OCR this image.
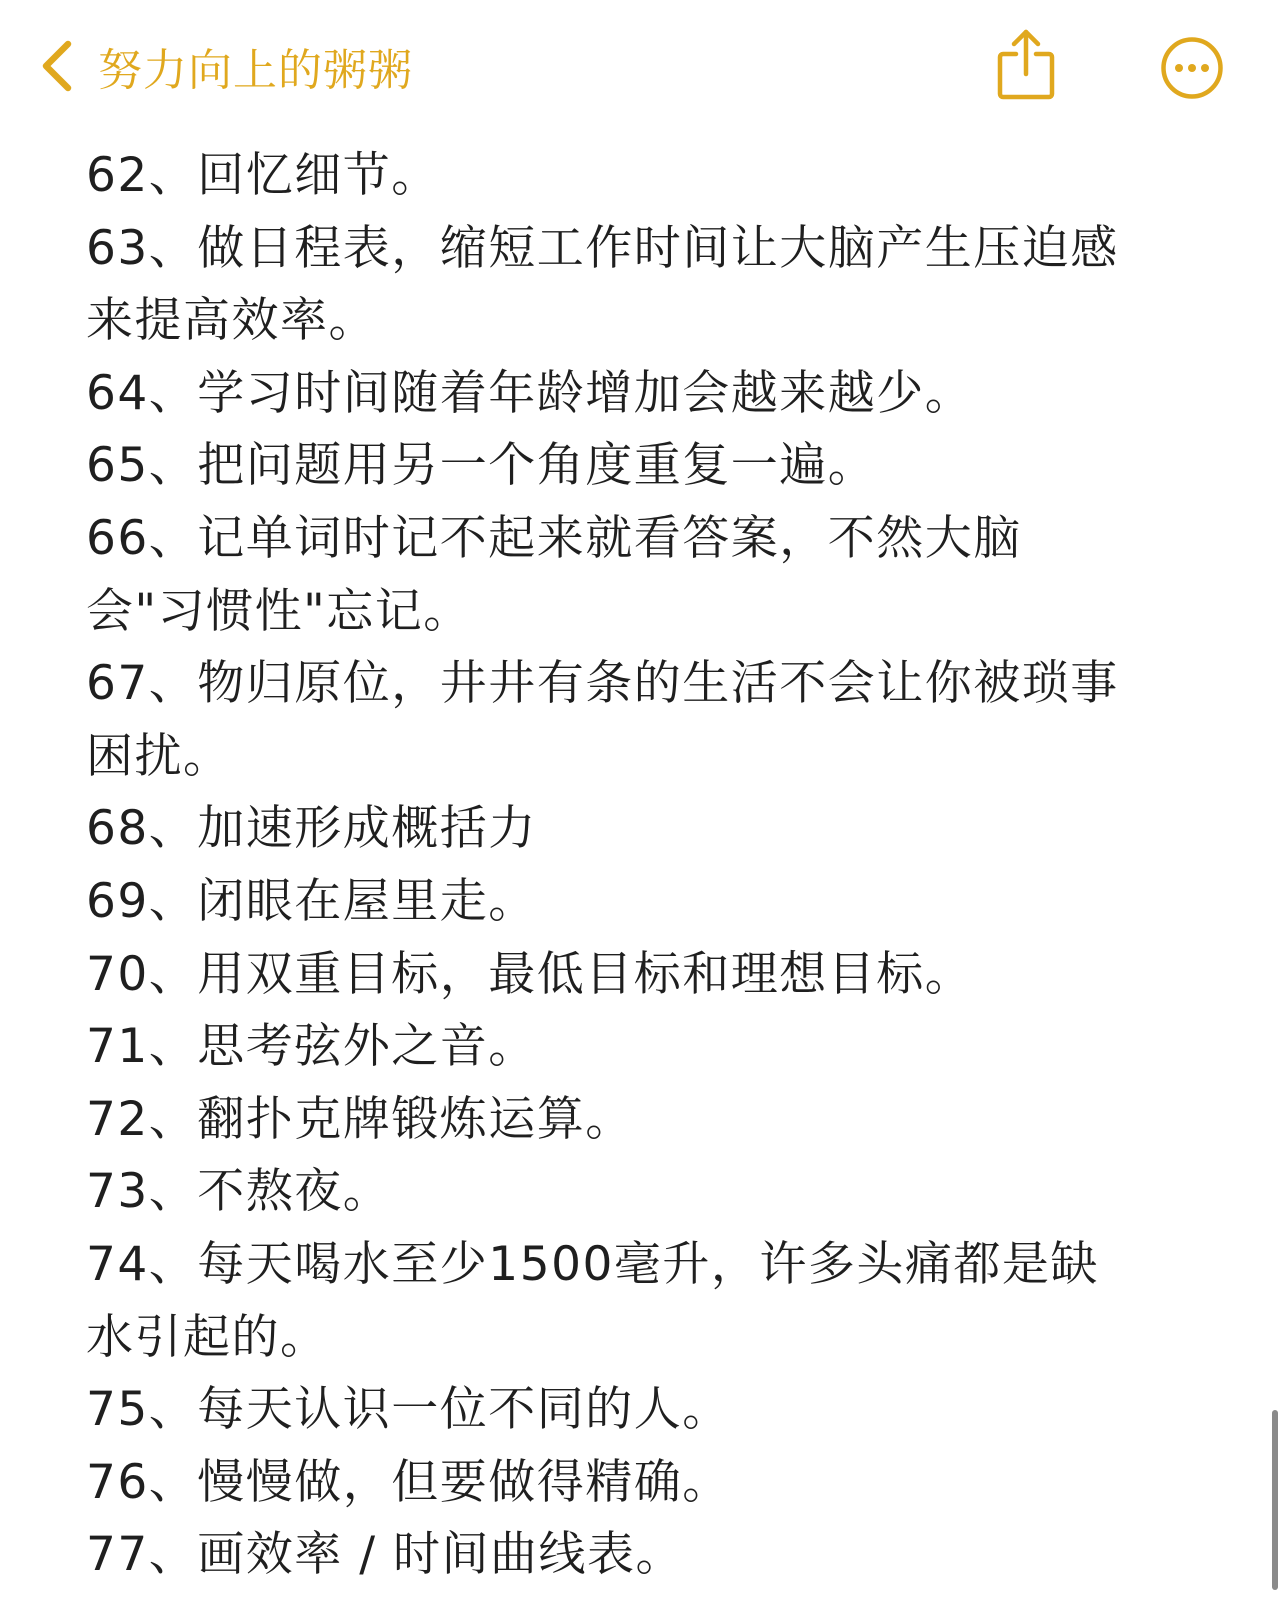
努力向上的粥粥
62、回忆细节。
63、做日程表，缩短工作时间让大脑产生压迫感
来提高效率。
64、学习时间随着年龄增加会越来越少。
65、把问题用另一个角度重复一遍。
66、记单词时记不起来就看答案，不然大脑
会"习惯性"忘记。
67、物归原位，井井有条的生活不会让你被琐事
困扰。
68、加速形成概括力
69、闭眼在屋里走。
70、用双重目标，最低目标和理想目标。
71、思考弦外之音。
72、翻扑克牌锻炼运算。
73、不熬夜。
74、每天喝水至少1500毫升，许多头痛都是缺
水引起的。
75、每天认识一位不同的人。
76、慢慢做，但要做得精确。
77、画效率 / 时间曲线表。
